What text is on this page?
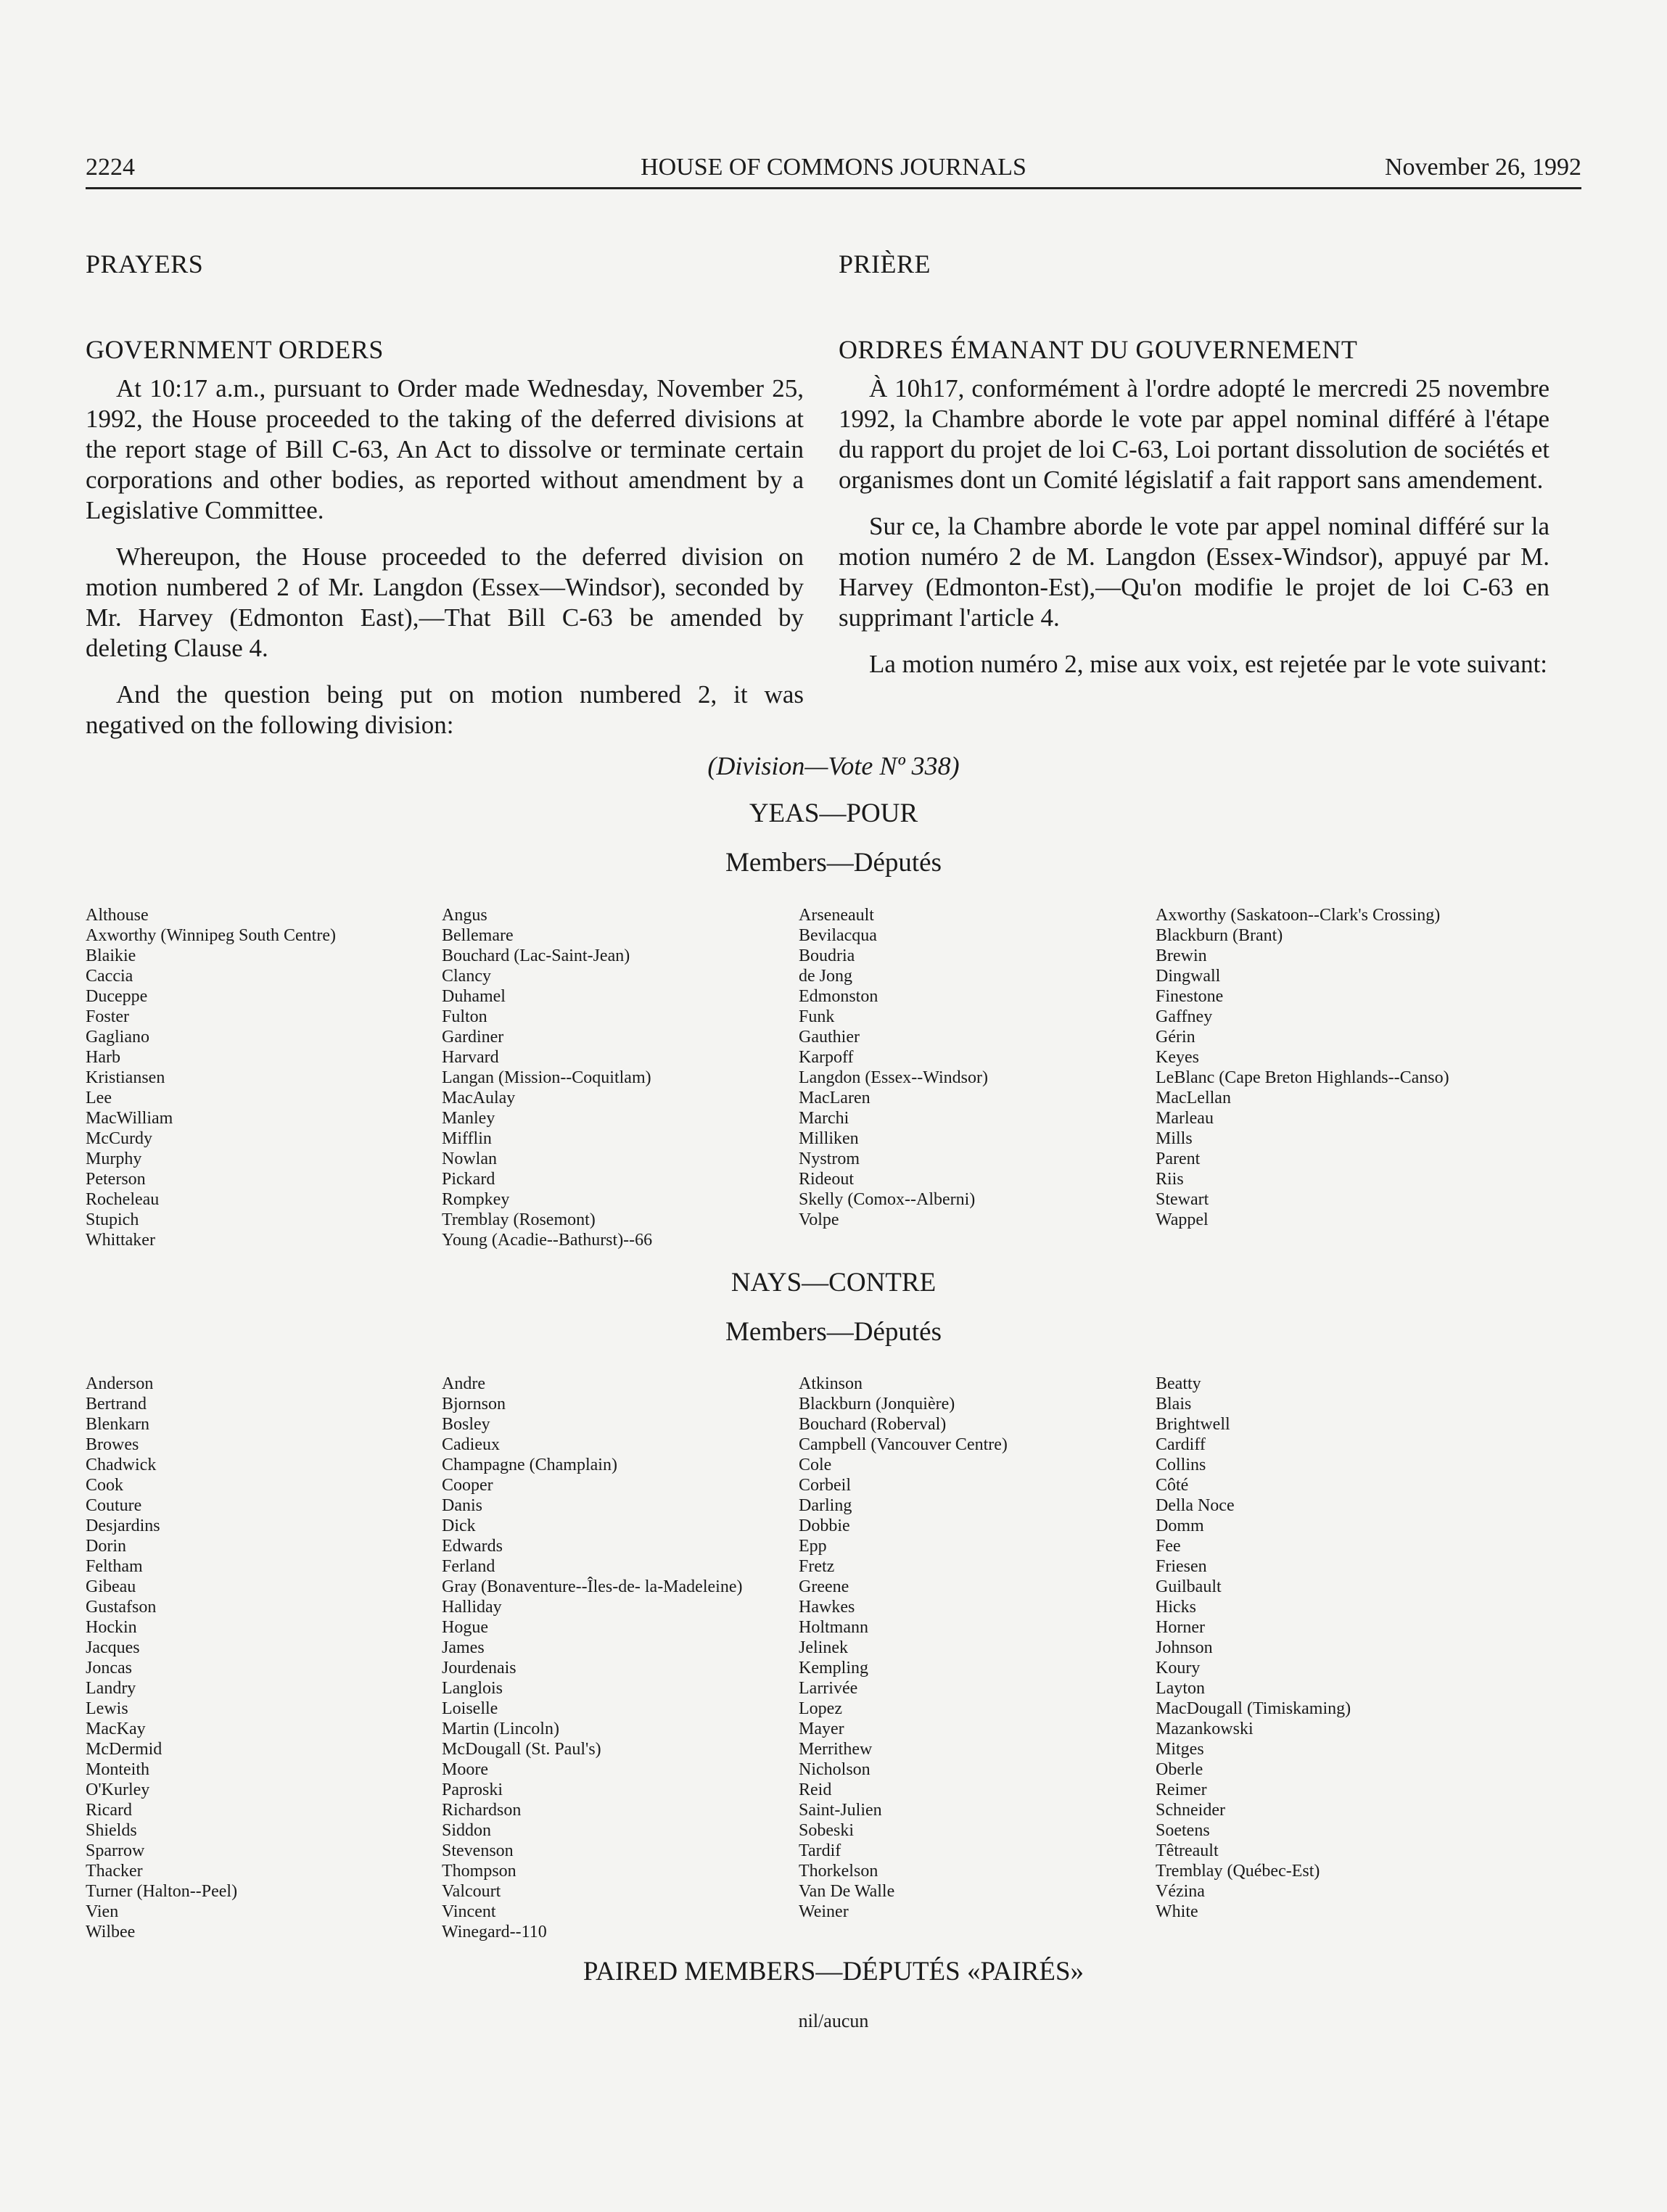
2224	HOUSE OF COMMONS JOURNALS	November 26, 1992
PRAYERS
GOVERNMENT ORDERS

At 10:17 a.m., pursuant to Order made Wednesday, November 25, 1992, the House proceeded to the taking of the deferred divisions at the report stage of Bill C-63, An Act to dissolve or terminate certain corporations and other bodies, as reported without amendment by a Legislative Committee.

Whereupon, the House proceeded to the deferred division on motion numbered 2 of Mr. Langdon (Essex—Windsor), seconded by Mr. Harvey (Edmonton East),—That Bill C-63 be amended by deleting Clause 4.

And the question being put on motion numbered 2, it was negatived on the following division:

PRIÈRE
ORDRES ÉMANANT DU GOUVERNEMENT

À 10h17, conformément à l'ordre adopté le mercredi 25 novembre 1992, la Chambre aborde le vote par appel nominal différé à l'étape du rapport du projet de loi C-63, Loi portant dissolution de sociétés et organismes dont un Comité législatif a fait rapport sans amendement.

Sur ce, la Chambre aborde le vote par appel nominal différé sur la motion numéro 2 de M. Langdon (Essex-Windsor), appuyé par M. Harvey (Edmonton-Est),—Qu'on modifie le projet de loi C-63 en supprimant l'article 4.

La motion numéro 2, mise aux voix, est rejetée par le vote suivant:

(Division—Vote Nº 338)
YEAS—POUR
Members—Députés
Althouse
Axworthy (Winnipeg South Centre)
Blaikie
Caccia
Duceppe
Foster
Gagliano
Harb
Kristiansen
Lee
MacWilliam
McCurdy
Murphy
Peterson
Rocheleau
Stupich
Whittaker
Angus
Bellemare
Bouchard (Lac-Saint-Jean)
Clancy
Duhamel
Fulton
Gardiner
Harvard
Langan (Mission--Coquitlam)
MacAulay
Manley
Mifflin
Nowlan
Pickard
Rompkey
Tremblay (Rosemont)
Young (Acadie--Bathurst)--66
Arseneault
Bevilacqua
Boudria
de Jong
Edmonston
Funk
Gauthier
Karpoff
Langdon (Essex--Windsor)
MacLaren
Marchi
Milliken
Nystrom
Rideout
Skelly (Comox--Alberni)
Volpe
Axworthy (Saskatoon--Clark's Crossing)
Blackburn (Brant)
Brewin
Dingwall
Finestone
Gaffney
Gérin
Keyes
LeBlanc (Cape Breton Highlands--Canso)
MacLellan
Marleau
Mills
Parent
Riis
Stewart
Wappel
NAYS—CONTRE
Members—Députés
Anderson
Bertrand
Blenkarn
Browes
Chadwick
Cook
Couture
Desjardins
Dorin
Feltham
Gibeau
Gustafson
Hockin
Jacques
Joncas
Landry
Lewis
MacKay
McDermid
Monteith
O'Kurley
Ricard
Shields
Sparrow
Thacker
Turner (Halton--Peel)
Vien
Wilbee
Andre
Bjornson
Bosley
Cadieux
Champagne (Champlain)
Cooper
Danis
Dick
Edwards
Ferland
Gray (Bonaventure--Îles-de- la-Madeleine)
Halliday
Hogue
James
Jourdenais
Langlois
Loiselle
Martin (Lincoln)
McDougall (St. Paul's)
Moore
Paproski
Richardson
Siddon
Stevenson
Thompson
Valcourt
Vincent
Winegard--110
Atkinson
Blackburn (Jonquière)
Bouchard (Roberval)
Campbell (Vancouver Centre)
Cole
Corbeil
Darling
Dobbie
Epp
Fretz
Greene
Hawkes
Holtmann
Jelinek
Kempling
Larrivée
Lopez
Mayer
Merrithew
Nicholson
Reid
Saint-Julien
Sobeski
Tardif
Thorkelson
Van De Walle
Weiner
Beatty
Blais
Brightwell
Cardiff
Collins
Côté
Della Noce
Domm
Fee
Friesen
Guilbault
Hicks
Horner
Johnson
Koury
Layton
MacDougall (Timiskaming)
Mazankowski
Mitges
Oberle
Reimer
Schneider
Soetens
Têtreault
Tremblay (Québec-Est)
Vézina
White
PAIRED MEMBERS—DÉPUTÉS «PAIRÉS»
nil/aucun
